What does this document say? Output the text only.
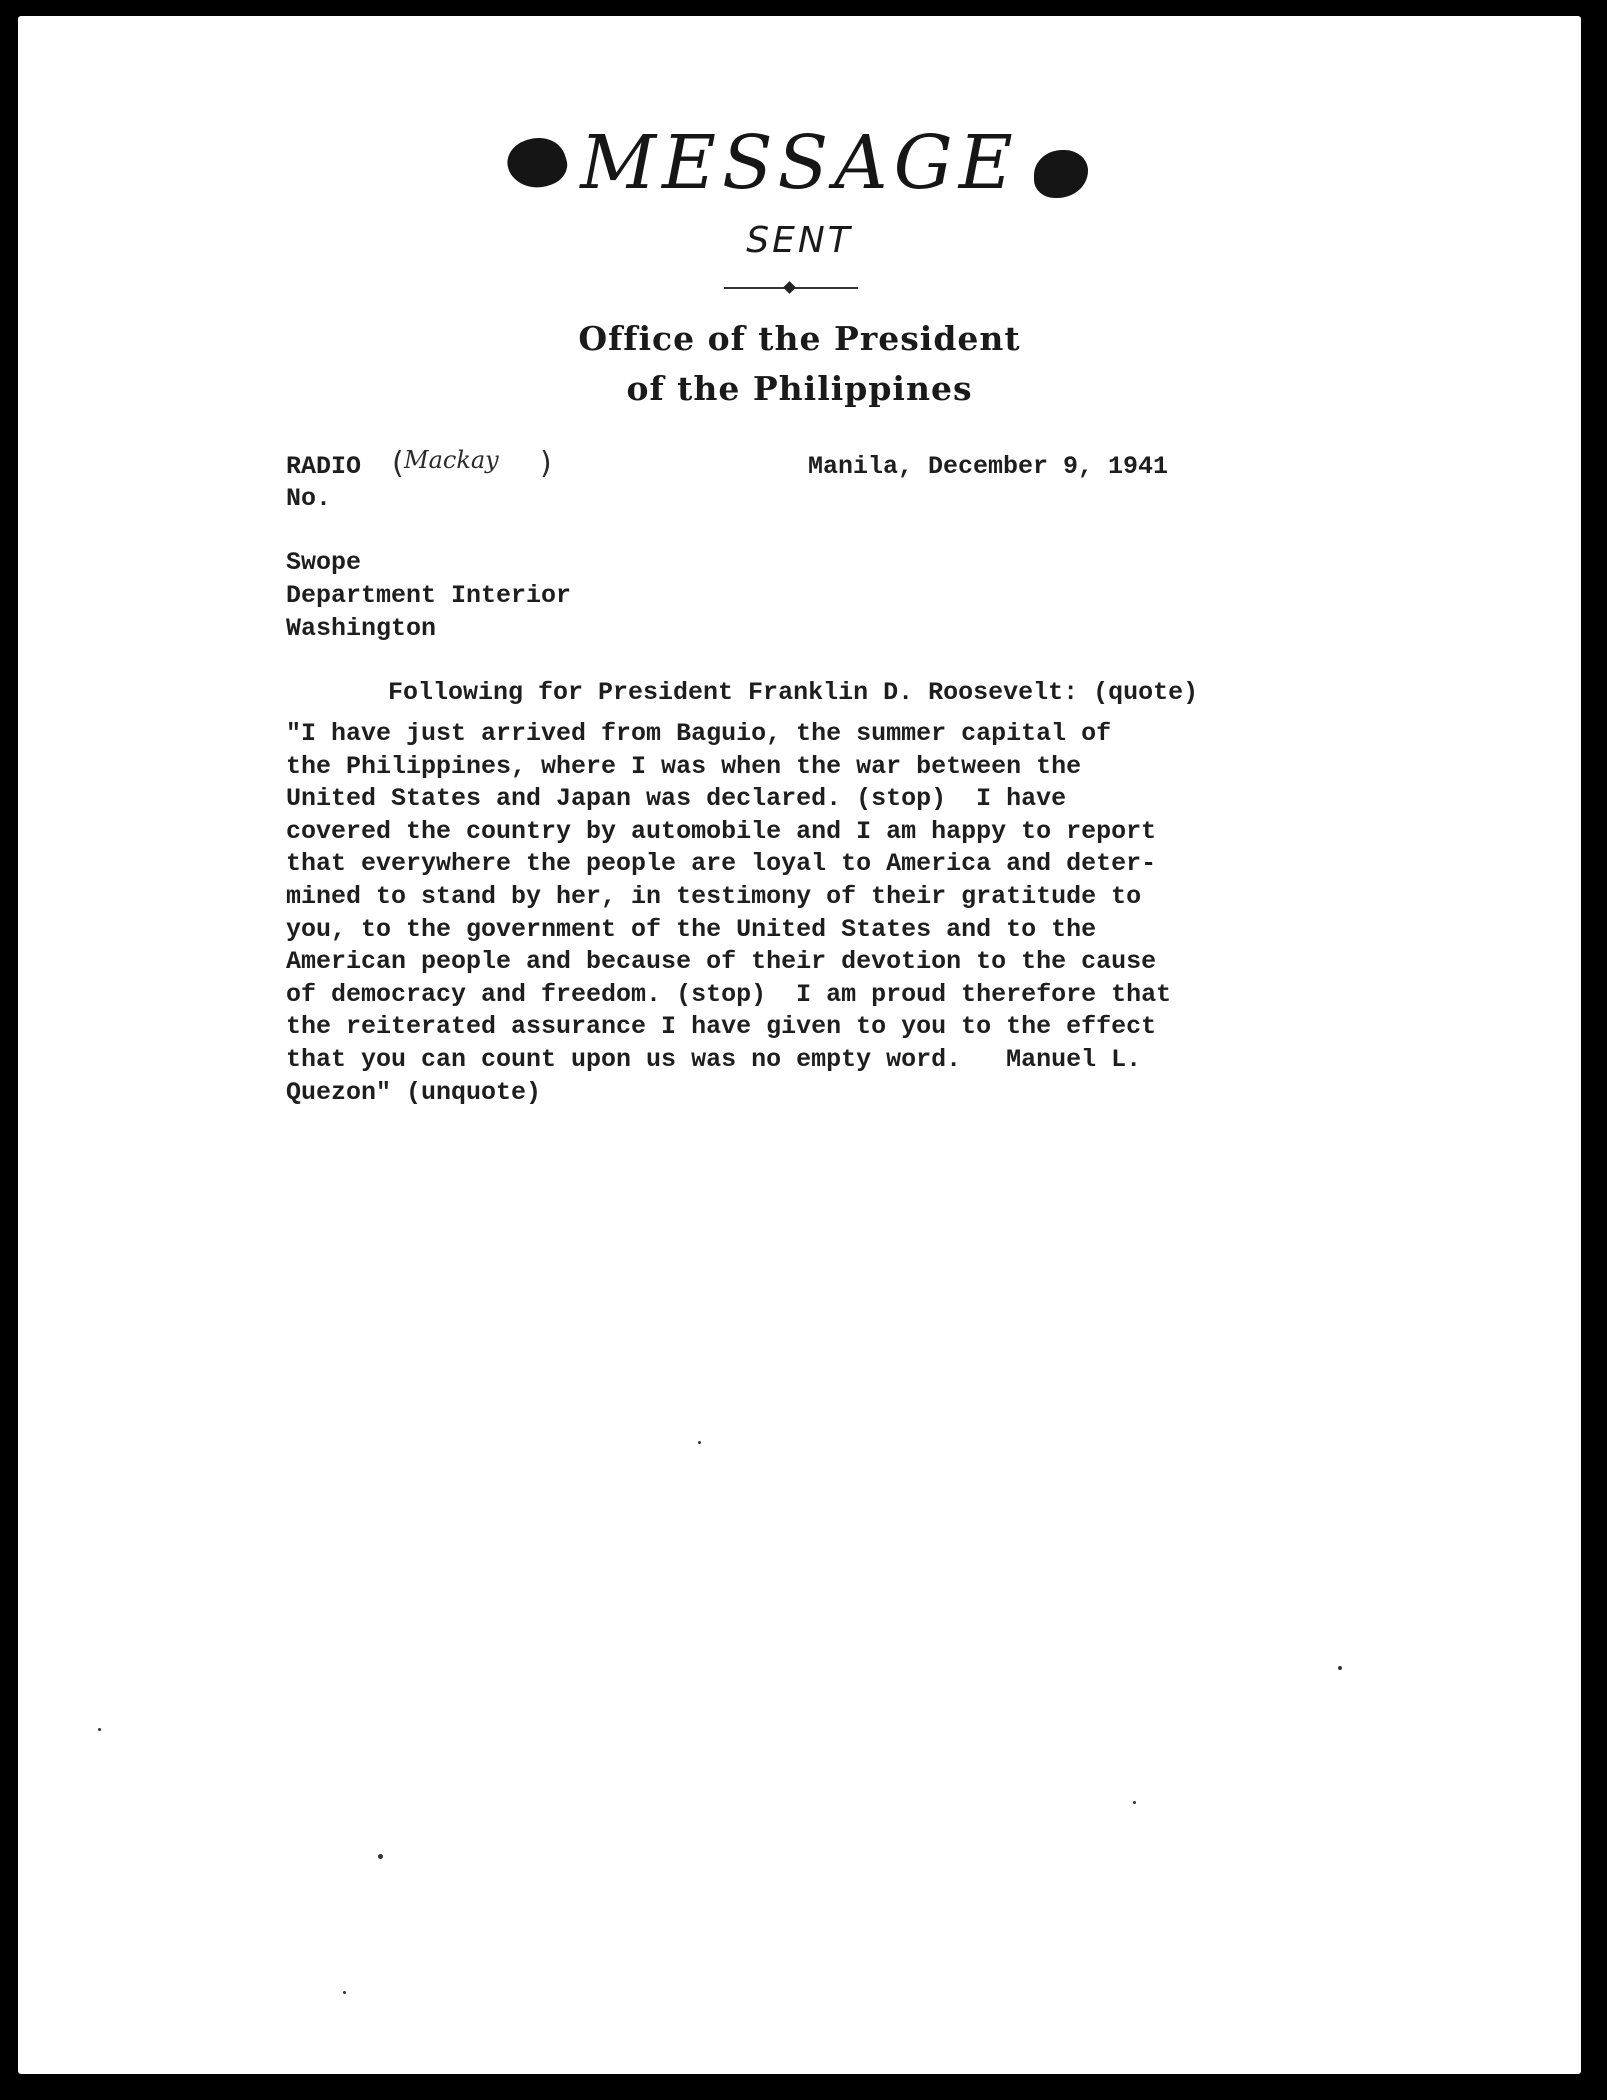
MESSAGE
SENT
Office of the President
of the Philippines
RADIO ( Mackay )	Manila, December 9, 1941
No.
Swope
Department Interior
Washington
Following for President Franklin D. Roosevelt: (quote)
"I have just arrived from Baguio, the summer capital of
the Philippines, where I was when the war between the
United States and Japan was declared. (stop)  I have
covered the country by automobile and I am happy to report
that everywhere the people are loyal to America and deter-
mined to stand by her, in testimony of their gratitude to
you, to the government of the United States and to the
American people and because of their devotion to the cause
of democracy and freedom. (stop)  I am proud therefore that
the reiterated assurance I have given to you to the effect
that you can count upon us was no empty word.   Manuel L.
Quezon" (unquote)
